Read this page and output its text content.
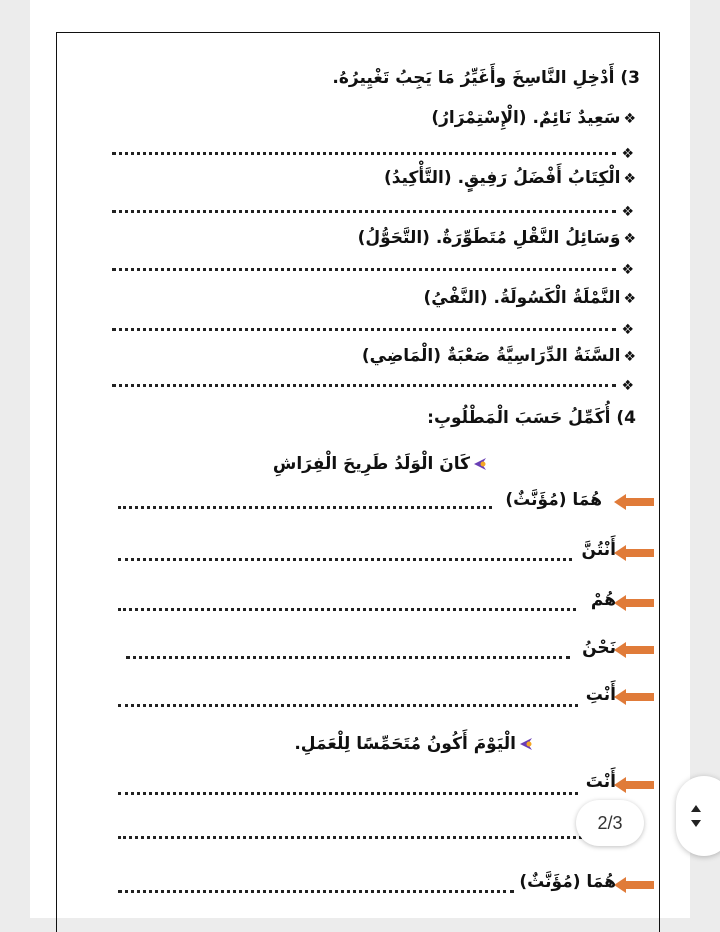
3) أَدْخِلِ النَّاسِخَ وأَغَيِّرُ مَا يَجِبُ تَغْيِيرُهُ.
❖سَعِيدٌ نَائِمٌ. (الْإِسْتِمْرَارُ)
❖
❖الْكِتَابُ أَفْضَلُ رَفِيقٍ. (التَّأْكِيدُ)
❖
❖وَسَائِلُ النَّقْلِ مُتَطَوِّرَةٌ. (التَّحَوُّلُ)
❖
❖النَّمْلَةُ الْكَسُولَةُ. (النَّفْيُ)
❖
❖السَّنَةُ الدِّرَاسِيَّةُ صَعْبَةٌ (الْمَاضِي)
❖
4) أُكَمِّلُ حَسَبَ الْمَطْلُوبِ:
كَانَ الْوَلَدُ طَرِيحَ الْفِرَاشِ
هُمَا (مُؤَنَّثٌ)
أَنْتُنَّ
هُمْ
نَحْنُ
أَنْتِ
الْيَوْمَ أَكُونُ مُتَحَمِّسًا لِلْعَمَلِ.
أَنْتَ
هُمَا (مُؤَنَّثٌ)
2/3
